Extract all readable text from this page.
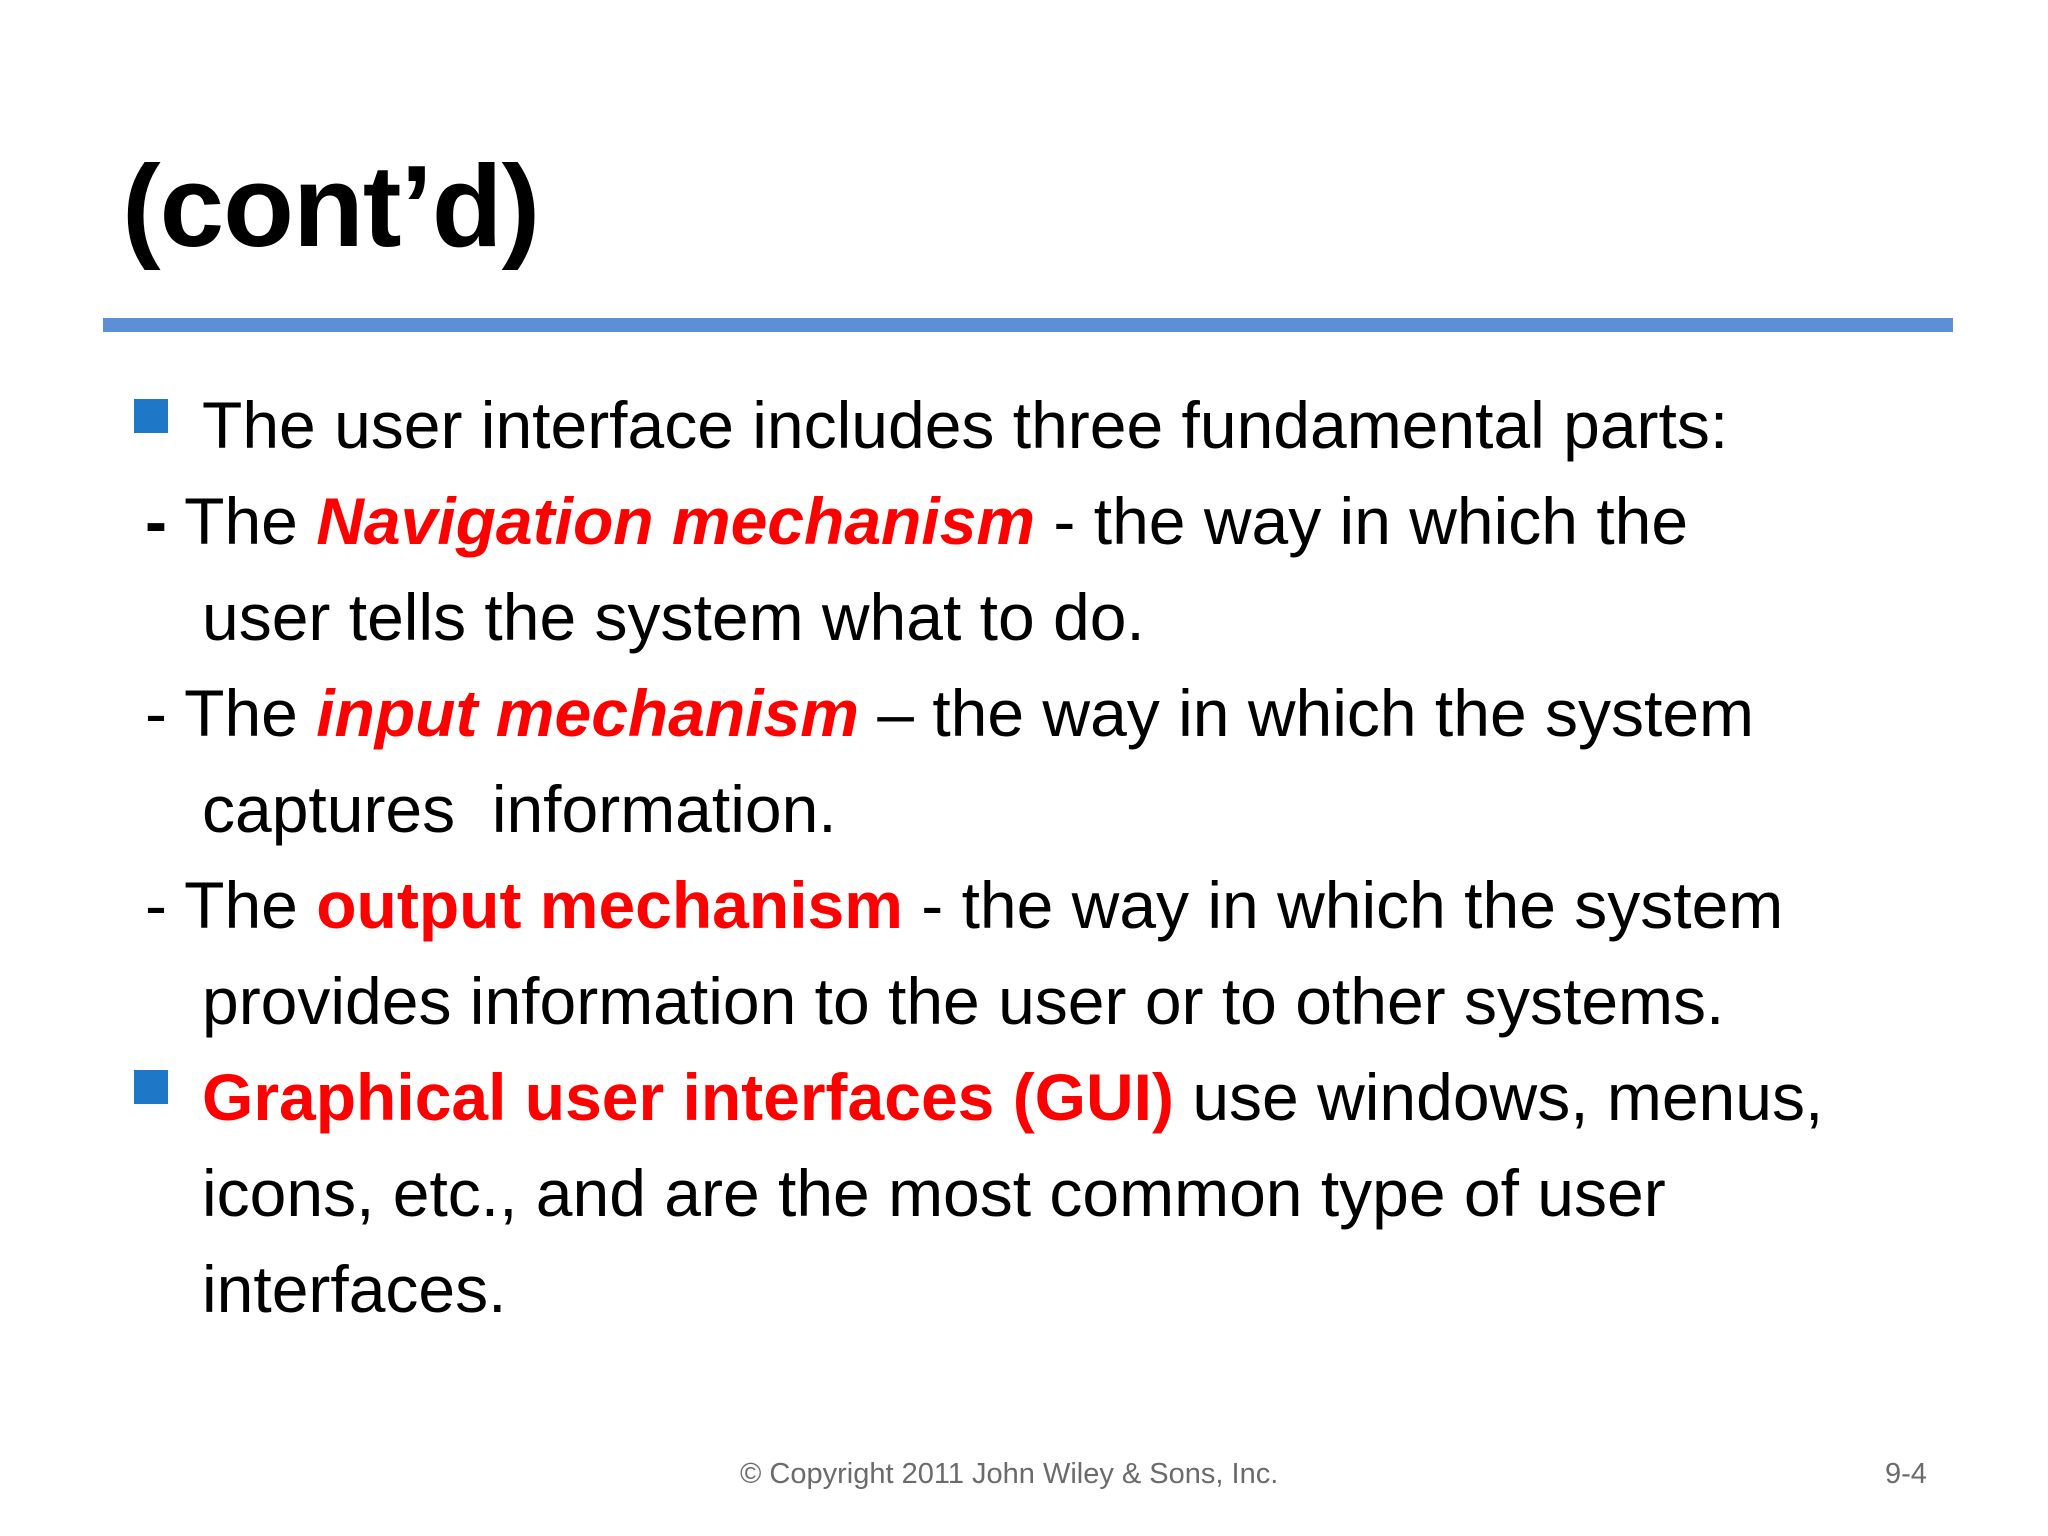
(cont’d)
The user interface includes three fundamental parts:
- The Navigation mechanism - the way in which the
user tells the system what to do.
- The input mechanism – the way in which the system
captures  information.
- The output mechanism - the way in which the system
provides information to the user or to other systems.
Graphical user interfaces (GUI) use windows, menus,
icons, etc., and are the most common type of user
interfaces.
© Copyright 2011 John Wiley & Sons, Inc.	9-4
